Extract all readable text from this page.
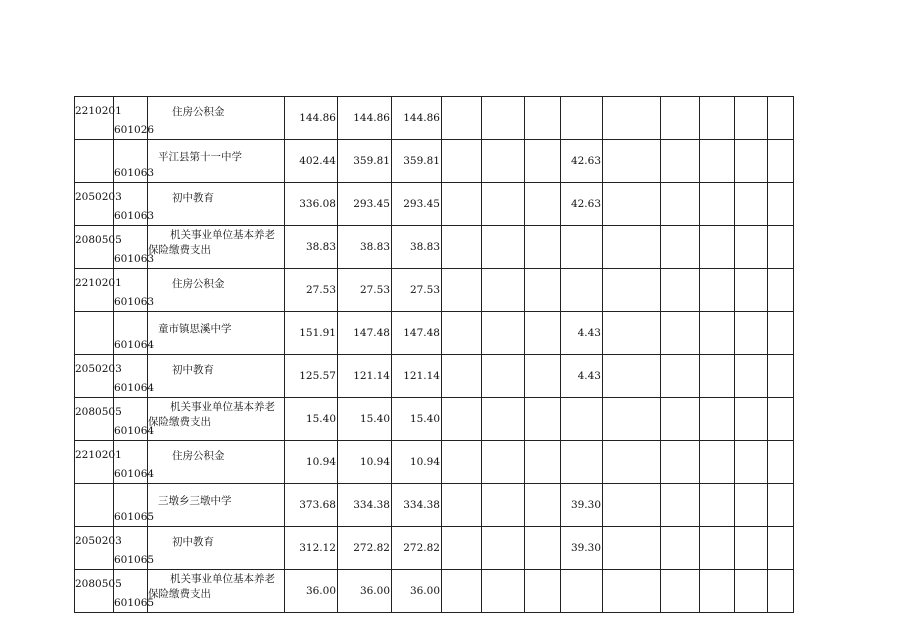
2210201	601026	住房公积金	144.86	144.86	144.86									

	601063	平江县第十一中学	402.44	359.81	359.81				42.63					

2050203	601063	初中教育	336.08	293.45	293.45				42.63					

2080505	601063	机关事业单位基本养老
保险缴费支出	38.83	38.83	38.83									

2210201	601063	住房公积金	27.53	27.53	27.53									

	601064	童市镇思溪中学	151.91	147.48	147.48				4.43					

2050203	601064	初中教育	125.57	121.14	121.14				4.43					

2080505	601064	机关事业单位基本养老
保险缴费支出	15.40	15.40	15.40									

2210201	601064	住房公积金	10.94	10.94	10.94									

	601065	三墩乡三墩中学	373.68	334.38	334.38				39.30					

2050203	601065	初中教育	312.12	272.82	272.82				39.30					

2080505	601065	机关事业单位基本养老
保险缴费支出	36.00	36.00	36.00									
